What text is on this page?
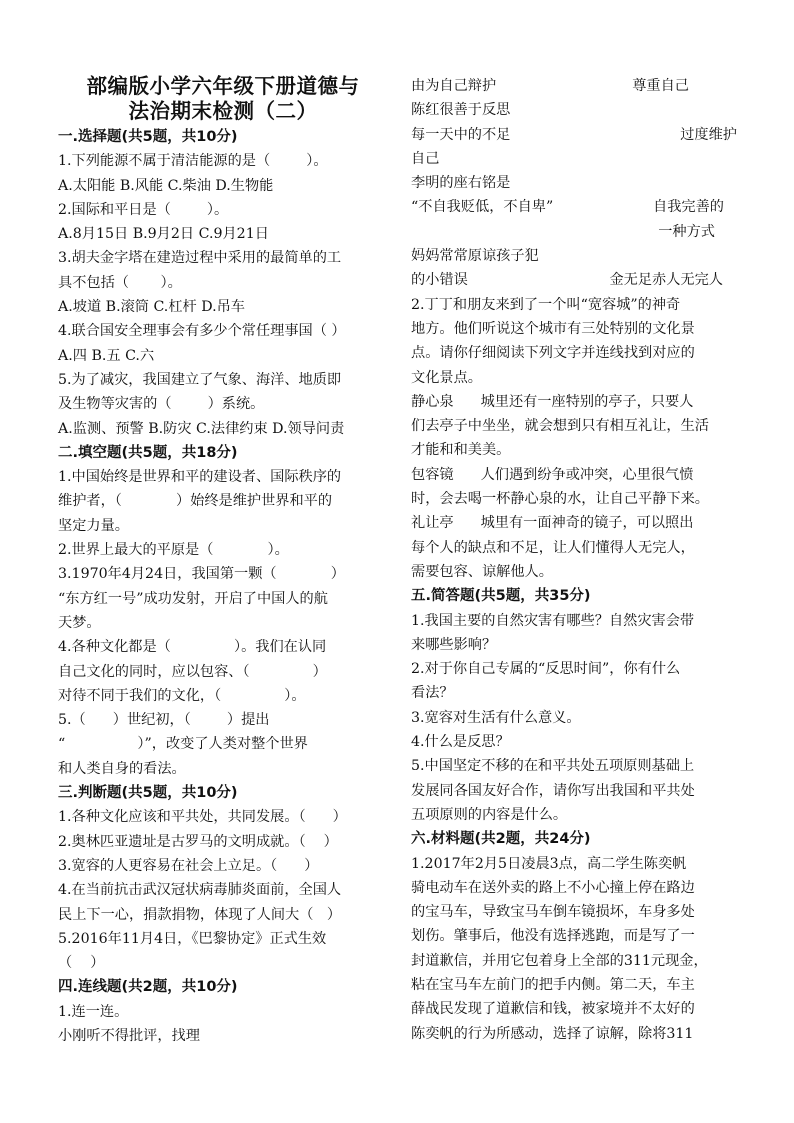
部编版小学六年级下册道德与
法治期末检测（二）
一.选择题(共5题，共10分)
1.下列能源不属于清洁能源的是（        ）。
A.太阳能 B.风能 C.柴油 D.生物能
2.国际和平日是（        ）。
A.8月15日 B.9月2日 C.9月21日
3.胡夫金字塔在建造过程中采用的最简单的工
具不包括（       ）。
A.坡道 B.滚筒 C.杠杆 D.吊车
4.联合国安全理事会有多少个常任理事国（ ）
A.四 B.五 C.六
5.为了减灾，我国建立了气象、海洋、地质即
及生物等灾害的（        ）系统。
A.监测、预警 B.防灾 C.法律约束 D.领导问责
二.填空题(共5题，共18分)
1.中国始终是世界和平的建设者、国际秩序的
维护者，（            ）始终是维护世界和平的
坚定力量。
2.世界上最大的平原是（            ）。
3.1970年4月24日，我国第一颗（            ）
“东方红一号”成功发射，开启了中国人的航
天梦。
4.各种文化都是（              ）。我们在认同
自己文化的同时，应以包容、（              ）
对待不同于我们的文化，（              ）。
5.（      ）世纪初，（        ）提出
“                ）”，改变了人类对整个世界
和人类自身的看法。
三.判断题(共5题，共10分)
1.各种文化应该和平共处，共同发展。（      ）
2.奥林匹亚遗址是古罗马的文明成就。（    ）
3.宽容的人更容易在社会上立足。（      ）
4.在当前抗击武汉冠状病毒肺炎面前，全国人
民上下一心，捐款捐物，体现了人间大（   ）
5.2016年11月4日，《巴黎协定》正式生效
（    ）
四.连线题(共2题，共10分)
1.连一连。
小刚听不得批评，找理
由为自己辩护	尊重自己
陈红很善于反思
每一天中的不足	过度维护
自己
李明的座右铭是
“不自我贬低，不自卑”	自我完善的
一种方式
妈妈常常原谅孩子犯
的小错误	金无足赤人无完人
2.丁丁和朋友来到了一个叫“宽容城”的神奇
地方。他们听说这个城市有三处特别的文化景
点。请你仔细阅读下列文字并连线找到对应的
文化景点。
静心泉      城里还有一座特别的亭子，只要人
们去亭子中坐坐，就会想到只有相互礼让，生活
才能和和美美。
包容镜      人们遇到纷争或冲突，心里很气愤
时，会去喝一杯静心泉的水，让自己平静下来。
礼让亭      城里有一面神奇的镜子，可以照出
每个人的缺点和不足，让人们懂得人无完人，
需要包容、谅解他人。
五.简答题(共5题，共35分)
1.我国主要的自然灾害有哪些？自然灾害会带
来哪些影响？
2.对于你自己专属的“反思时间”，你有什么
看法？
3.宽容对生活有什么意义。
4.什么是反思？
5.中国坚定不移的在和平共处五项原则基础上
发展同各国友好合作，请你写出我国和平共处
五项原则的内容是什么。
六.材料题(共2题，共24分)
1.2017年2月5日凌晨3点，高二学生陈奕帆
骑电动车在送外卖的路上不小心撞上停在路边
的宝马车，导致宝马车倒车镜损坏，车身多处
划伤。肇事后，他没有选择逃跑，而是写了一
封道歉信，并用它包着身上全部的311元现金，
粘在宝马车左前门的把手内侧。第二天，车主
薛战民发现了道歉信和钱，被家境并不太好的
陈奕帆的行为所感动，选择了谅解，除将311
